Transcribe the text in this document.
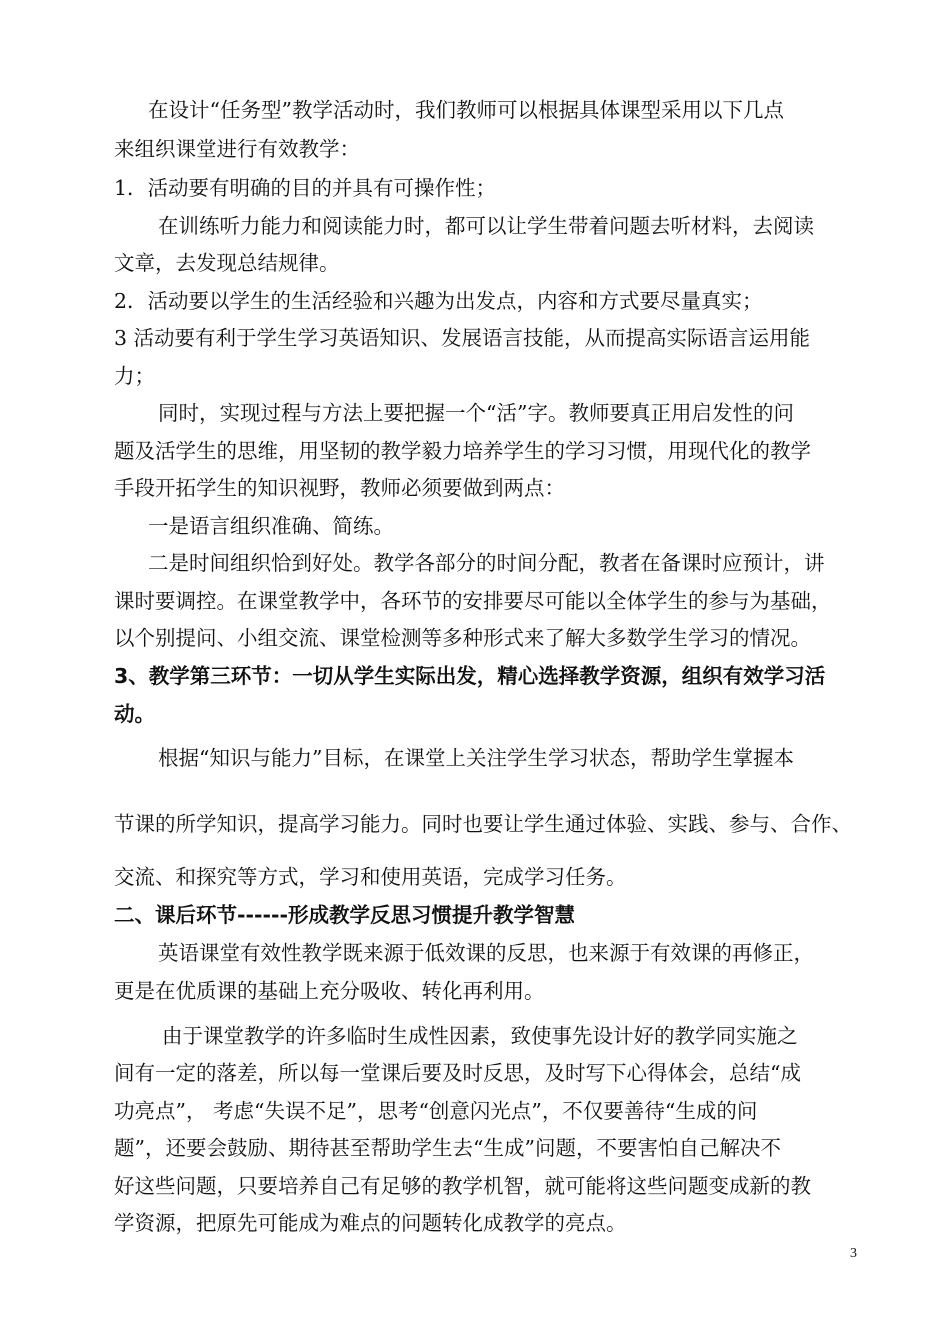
在设计“任务型”教学活动时，我们教师可以根据具体课型采用以下几点
来组织课堂进行有效教学：
1．活动要有明确的目的并具有可操作性；
在训练听力能力和阅读能力时，都可以让学生带着问题去听材料，去阅读
文章，去发现总结规律。
2．活动要以学生的生活经验和兴趣为出发点，内容和方式要尽量真实；
3 活动要有利于学生学习英语知识、发展语言技能，从而提高实际语言运用能
力；
同时，实现过程与方法上要把握一个“活”字。教师要真正用启发性的问
题及活学生的思维，用坚韧的教学毅力培养学生的学习习惯，用现代化的教学
手段开拓学生的知识视野，教师必须要做到两点：
一是语言组织准确、简练。
二是时间组织恰到好处。教学各部分的时间分配，教者在备课时应预计，讲
课时要调控。在课堂教学中，各环节的安排要尽可能以全体学生的参与为基础，
以个别提问、小组交流、课堂检测等多种形式来了解大多数学生学习的情况。
3、教学第三环节：一切从学生实际出发，精心选择教学资源，组织有效学习活
动。
根据“知识与能力”目标，在课堂上关注学生学习状态，帮助学生掌握本
节课的所学知识，提高学习能力。同时也要让学生通过体验、实践、参与、合作、
交流、和探究等方式，学习和使用英语，完成学习任务。
二、课后环节------形成教学反思习惯提升教学智慧
英语课堂有效性教学既来源于低效课的反思，也来源于有效课的再修正，
更是在优质课的基础上充分吸收、转化再利用。
由于课堂教学的许多临时生成性因素，致使事先设计好的教学同实施之
间有一定的落差，所以每一堂课后要及时反思，及时写下心得体会，总结“成
功亮点”， 考虑“失误不足”，思考“创意闪光点”，不仅要善待“生成的问
题”，还要会鼓励、期待甚至帮助学生去“生成”问题，不要害怕自己解决不
好这些问题，只要培养自己有足够的教学机智，就可能将这些问题变成新的教
学资源，把原先可能成为难点的问题转化成教学的亮点。
3
